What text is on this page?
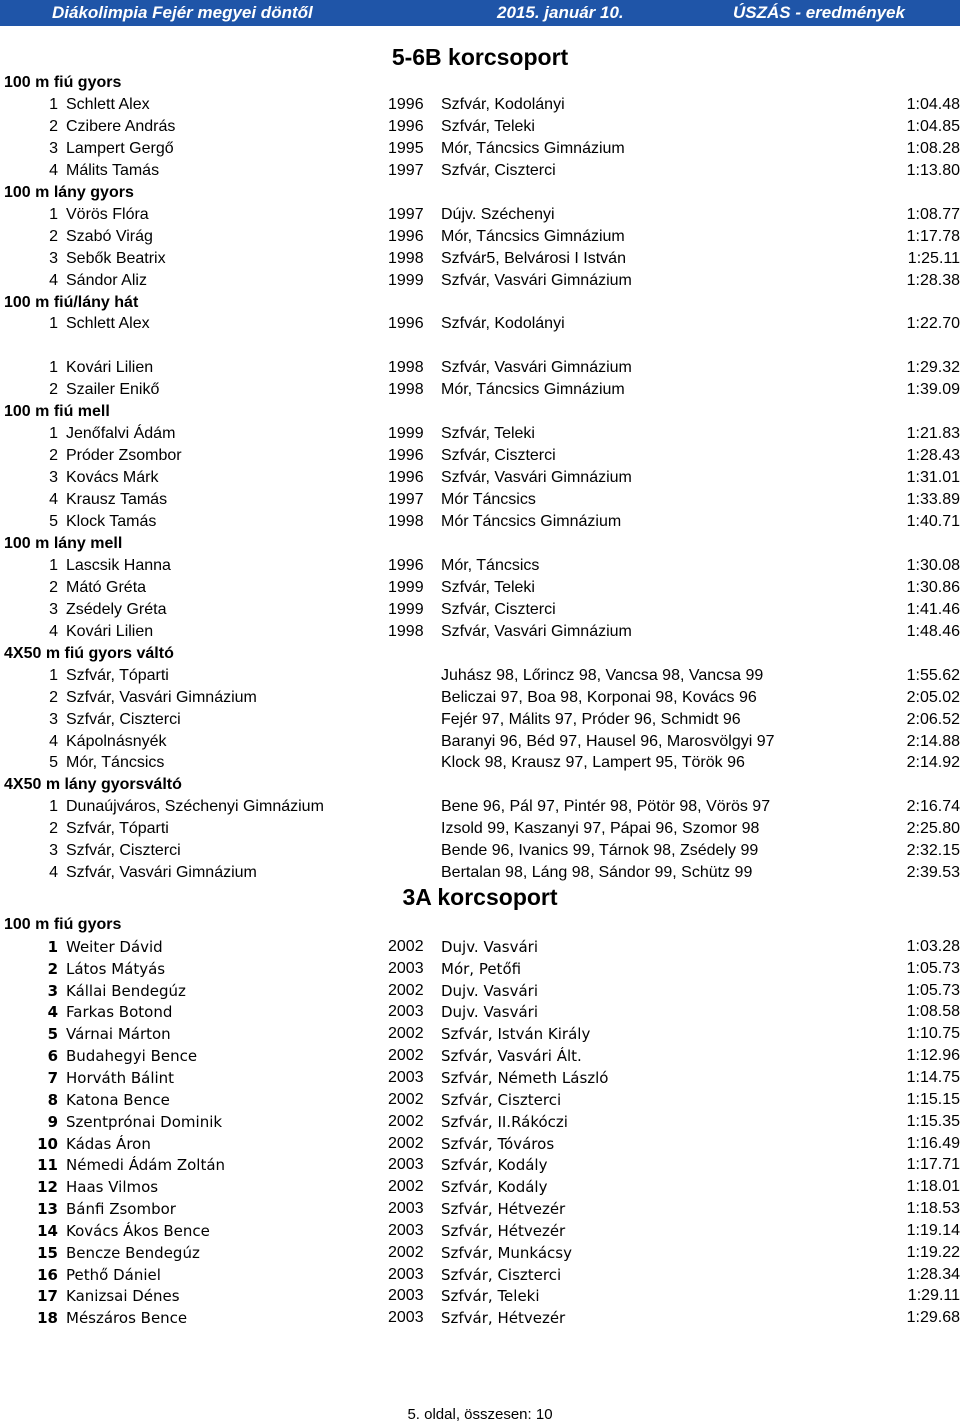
Diákolimpia Fejér megyei döntől	2015. január 10.	ÚSZÁS - eredmények
5-6B korcsoport
100 m fiú gyors
1 Schlett Alex	1996 Szfvár, Kodolányi	1:04.48
2 Czibere András	1996 Szfvár, Teleki	1:04.85
3 Lampert Gergő	1995 Mór, Táncsics Gimnázium	1:08.28
4 Málits Tamás	1997 Szfvár, Ciszterci	1:13.80
100 m lány gyors
1 Vörös Flóra	1997 Dújv. Széchenyi	1:08.77
2 Szabó Virág	1996 Mór, Táncsics Gimnázium	1:17.78
3 Sebők Beatrix	1998 Szfvár5, Belvárosi I István	1:25.11
4 Sándor Aliz	1999 Szfvár, Vasvári Gimnázium	1:28.38
100 m fiú/lány hát
1 Schlett Alex	1996 Szfvár, Kodolányi	1:22.70
1 Kovári Lilien	1998 Szfvár, Vasvári Gimnázium	1:29.32
2 Szailer Enikő	1998 Mór, Táncsics Gimnázium	1:39.09
100 m fiú mell
1 Jenőfalvi Ádám	1999 Szfvár, Teleki	1:21.83
2 Próder Zsombor	1996 Szfvár, Ciszterci	1:28.43
3 Kovács Márk	1996 Szfvár, Vasvári Gimnázium	1:31.01
4 Krausz Tamás	1997 Mór Táncsics	1:33.89
5 Klock Tamás	1998 Mór Táncsics Gimnázium	1:40.71
100 m lány mell
1 Lascsik Hanna	1996 Mór, Táncsics	1:30.08
2 Mátó Gréta	1999 Szfvár, Teleki	1:30.86
3 Zsédely Gréta	1999 Szfvár, Ciszterci	1:41.46
4 Kovári Lilien	1998 Szfvár, Vasvári Gimnázium	1:48.46
4X50 m fiú gyors váltó
1 Szfvár, Tóparti	Juhász 98, Lőrincz 98, Vancsa 98, Vancsa 99	1:55.62
2 Szfvár, Vasvári Gimnázium	Beliczai 97, Boa 98, Korponai 98, Kovács 96	2:05.02
3 Szfvár, Ciszterci	Fejér 97, Málits 97, Próder 96, Schmidt 96	2:06.52
4 Kápolnásnyék	Baranyi 96, Béd 97, Hausel 96, Marosvölgyi 97	2:14.88
5 Mór, Táncsics	Klock 98, Krausz 97, Lampert 95, Török 96	2:14.92
4X50 m lány gyorsváltó
1 Dunaújváros, Széchenyi Gimnázium	Bene 96, Pál 97, Pintér 98, Pötör 98, Vörös 97	2:16.74
2 Szfvár, Tóparti	Izsold 99, Kaszanyi 97, Pápai 96, Szomor 98	2:25.80
3 Szfvár, Ciszterci	Bende 96, Ivanics 99, Tárnok 98, Zsédely 99	2:32.15
4 Szfvár, Vasvári Gimnázium	Bertalan 98, Láng 98, Sándor 99, Schütz 99	2:39.53
3A korcsoport
100 m fiú gyors
1 Weiter Dávid	2002 Dujv. Vasvári	1:03.28
2 Látos Mátyás	2003 Mór, Petőfi	1:05.73
3 Kállai Bendegúz	2002 Dujv. Vasvári	1:05.73
4 Farkas Botond	2003 Dujv. Vasvári	1:08.58
5 Várnai Márton	2002 Szfvár, István Király	1:10.75
6 Budahegyi Bence	2002 Szfvár, Vasvári Ált.	1:12.96
7 Horváth Bálint	2003 Szfvár, Németh László	1:14.75
8 Katona Bence	2002 Szfvár, Ciszterci	1:15.15
9 Szentprónai Dominik	2002 Szfvár, II.Rákóczi	1:15.35
10 Kádas Áron	2002 Szfvár, Tóváros	1:16.49
11 Némedi Ádám Zoltán	2003 Szfvár, Kodály	1:17.71
12 Haas Vilmos	2002 Szfvár, Kodály	1:18.01
13 Bánfi Zsombor	2003 Szfvár, Hétvezér	1:18.53
14 Kovács Ákos Bence	2003 Szfvár, Hétvezér	1:19.14
15 Bencze Bendegúz	2002 Szfvár, Munkácsy	1:19.22
16 Pethő Dániel	2003 Szfvár, Ciszterci	1:28.34
17 Kanizsai Dénes	2003 Szfvár, Teleki	1:29.11
18 Mészáros Bence	2003 Szfvár, Hétvezér	1:29.68
5. oldal, összesen: 10
